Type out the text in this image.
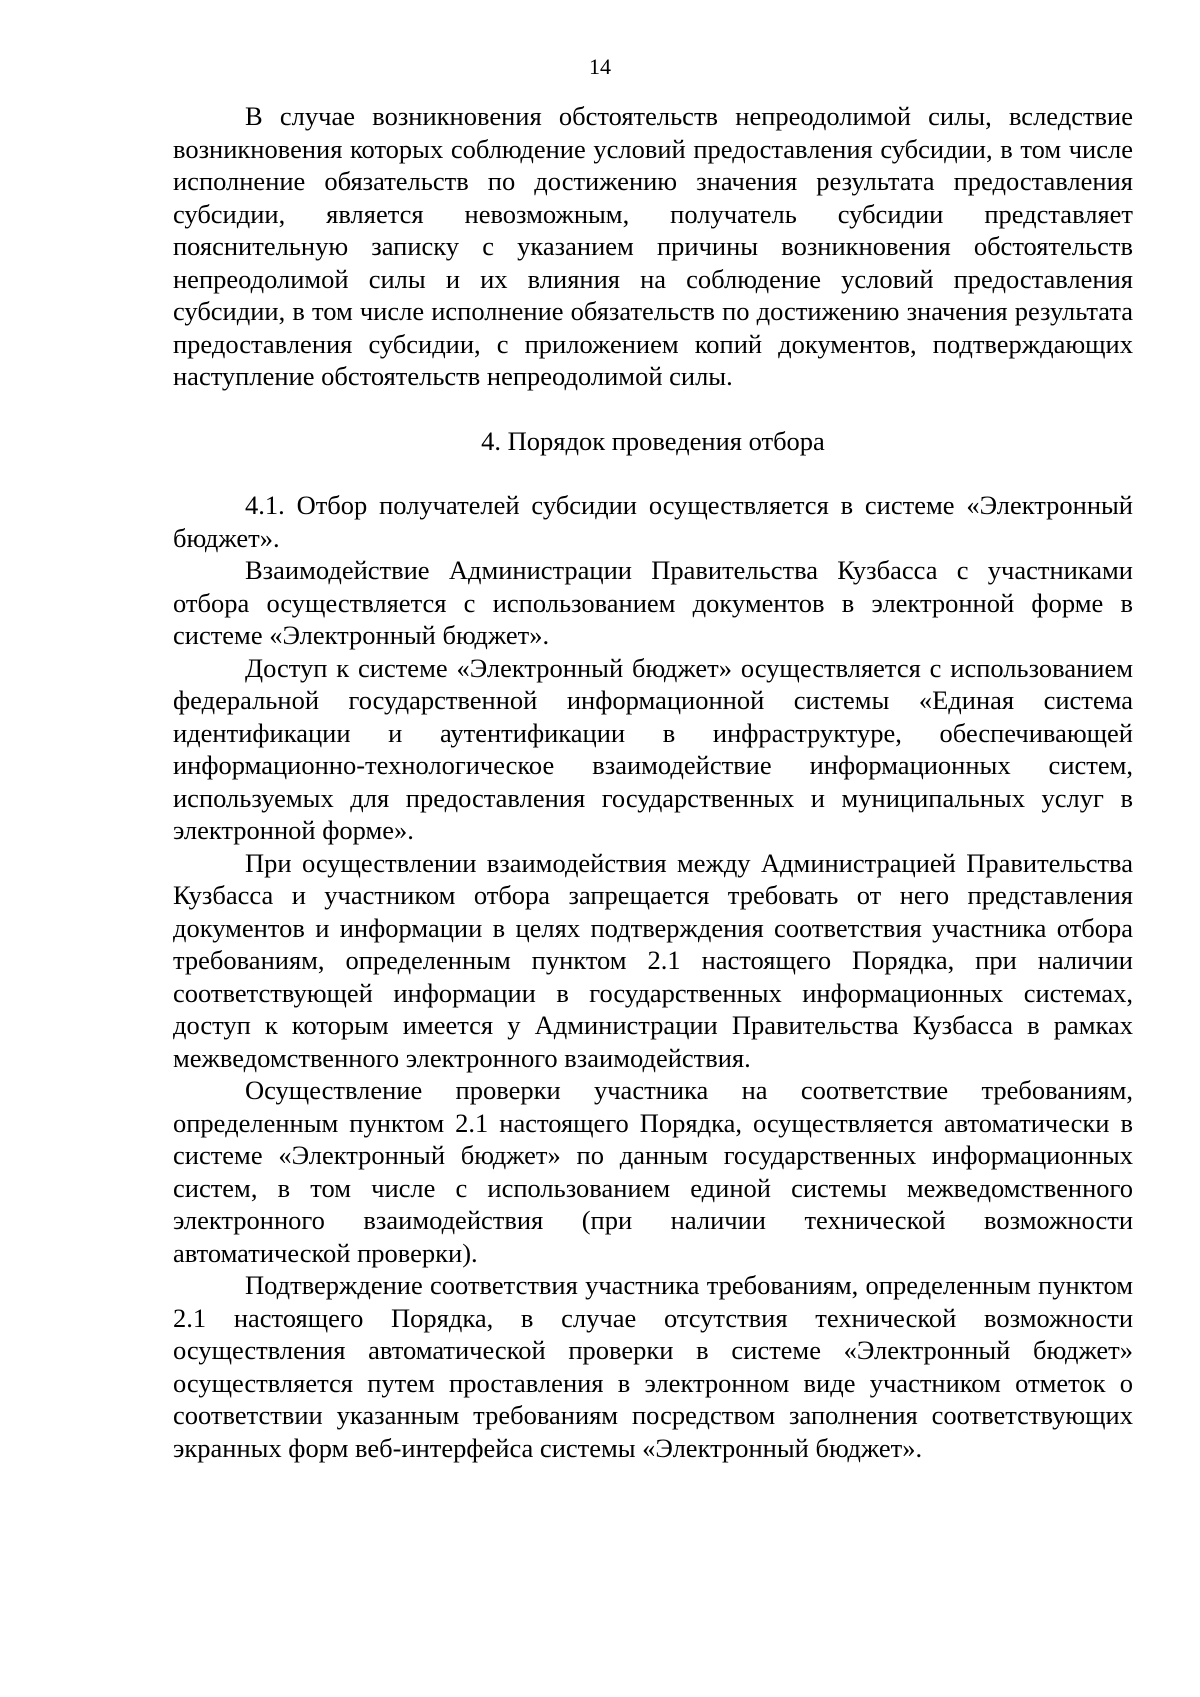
14

В случае возникновения обстоятельств непреодолимой силы, вследствие возникновения которых соблюдение условий предоставления субсидии, в том числе исполнение обязательств по достижению значения результата предоставления субсидии, является невозможным, получатель субсидии представляет пояснительную записку с указанием причины возникновения обстоятельств непреодолимой силы и их влияния на соблюдение условий предоставления субсидии, в том числе исполнение обязательств по достижению значения результата предоставления субсидии, с приложением копий документов, подтверждающих наступление обстоятельств непреодолимой силы.

4. Порядок проведения отбора

4.1. Отбор получателей субсидии осуществляется в системе «Электронный бюджет».

Взаимодействие Администрации Правительства Кузбасса с участниками отбора осуществляется с использованием документов в электронной форме в системе «Электронный бюджет».

Доступ к системе «Электронный бюджет» осуществляется с использованием федеральной государственной информационной системы «Единая система идентификации и аутентификации в инфраструктуре, обеспечивающей информационно-технологическое взаимодействие информационных систем, используемых для предоставления государственных и муниципальных услуг в электронной форме».

При осуществлении взаимодействия между Администрацией Правительства Кузбасса и участником отбора запрещается требовать от него представления документов и информации в целях подтверждения соответствия участника отбора требованиям, определенным пунктом 2.1 настоящего Порядка, при наличии соответствующей информации в государственных информационных системах, доступ к которым имеется у Администрации Правительства Кузбасса в рамках межведомственного электронного взаимодействия.

Осуществление проверки участника на соответствие требованиям, определенным пунктом 2.1 настоящего Порядка, осуществляется автоматически в системе «Электронный бюджет» по данным государственных информационных систем, в том числе с использованием единой системы межведомственного электронного взаимодействия (при наличии технической возможности автоматической проверки).

Подтверждение соответствия участника требованиям, определенным пунктом 2.1 настоящего Порядка, в случае отсутствия технической возможности осуществления автоматической проверки в системе «Электронный бюджет» осуществляется путем проставления в электронном виде участником отметок о соответствии указанным требованиям посредством заполнения соответствующих экранных форм веб-интерфейса системы «Электронный бюджет».
